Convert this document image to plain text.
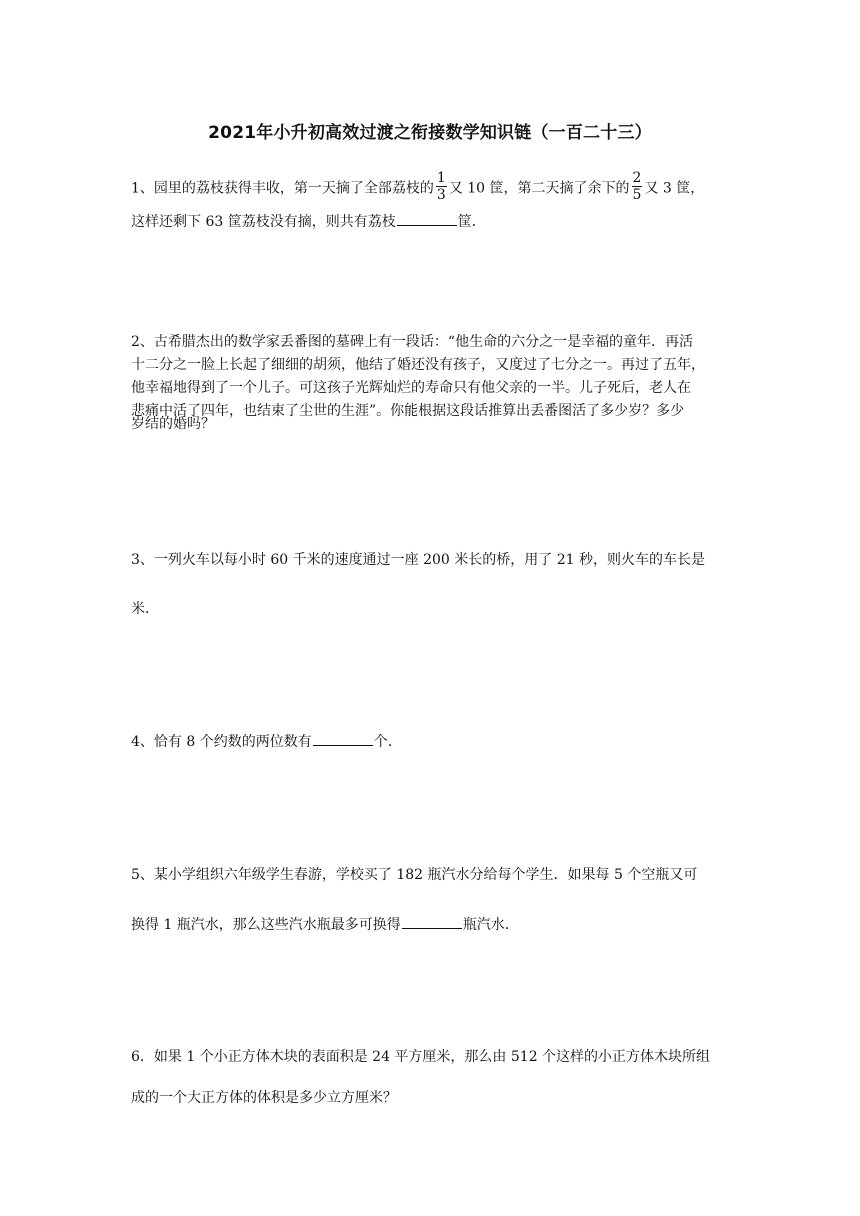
2021年小升初高效过渡之衔接数学知识链（一百二十三）
1、园里的荔枝获得丰收，第一天摘了全部荔枝的 $\frac{1}{3}$ 又 10 筐，第二天摘了余下的 $\frac{2}{5}$ 又 3 筐，
这样还剩下 63 筐荔枝没有摘，则共有荔枝	筐．
2、古希腊杰出的数学家丢番图的墓碑上有一段话：“他生命的六分之一是幸福的童年．再活
十二分之一脸上长起了细细的胡须，他结了婚还没有孩子，又度过了七分之一。再过了五年，
他幸福地得到了一个儿子。可这孩子光辉灿烂的寿命只有他父亲的一半。儿子死后，老人在
悲痛中活了四年，也结束了尘世的生涯”。你能根据这段话推算出丢番图活了多少岁？多少
岁结的婚吗？
3、一列火车以每小时 60 千米的速度通过一座 200 米长的桥，用了 21 秒，则火车的车长是
米．
4、恰有 8 个约数的两位数有	个．
5、某小学组织六年级学生春游，学校买了 182 瓶汽水分给每个学生．如果每 5 个空瓶又可
换得 1 瓶汽水，那么这些汽水瓶最多可换得	瓶汽水．
6．如果 1 个小正方体木块的表面积是 24 平方厘米，那么由 512 个这样的小正方体木块所组
成的一个大正方体的体积是多少立方厘米？
